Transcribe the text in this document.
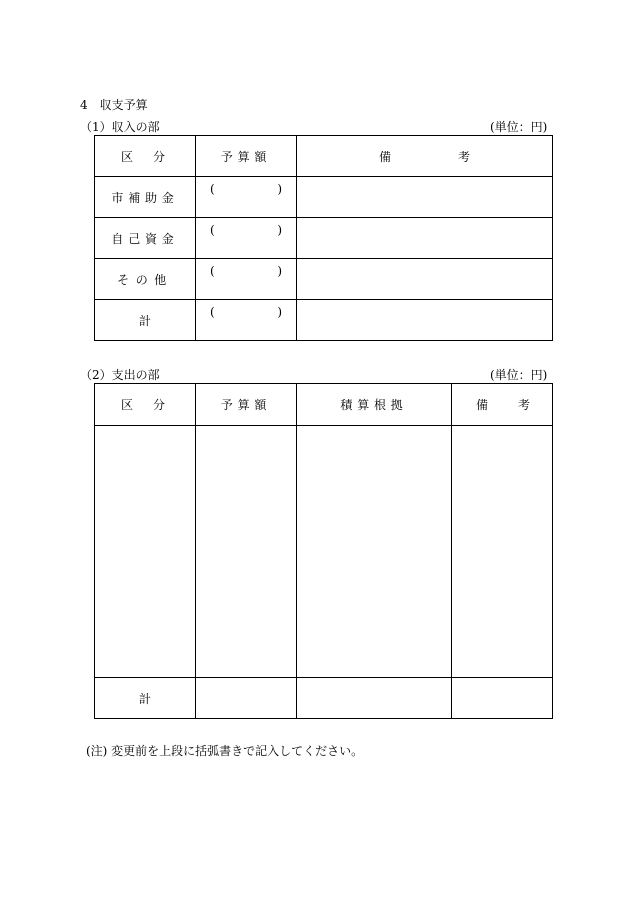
4　収支予算
（1）収入の部	(単位：円)
区 分	予算額	備 考

市補助金	( )	

自己資金	( )	

その他	( )	

計	( )	

（2）支出の部	(単位：円)
区 分	予算額	積算根拠	備 考

計			
(注) 変更前を上段に括弧書きで記入してください。
